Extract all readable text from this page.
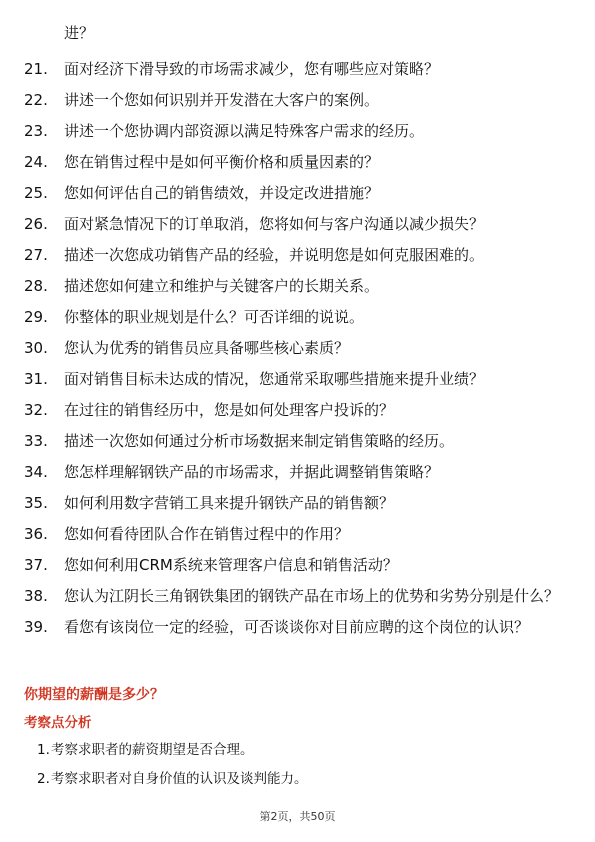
进？
21.	面对经济下滑导致的市场需求减少，您有哪些应对策略？
22.	讲述一个您如何识别并开发潜在大客户的案例。
23.	讲述一个您协调内部资源以满足特殊客户需求的经历。
24.	您在销售过程中是如何平衡价格和质量因素的？
25.	您如何评估自己的销售绩效，并设定改进措施？
26.	面对紧急情况下的订单取消，您将如何与客户沟通以减少损失？
27.	描述一次您成功销售产品的经验，并说明您是如何克服困难的。
28.	描述您如何建立和维护与关键客户的长期关系。
29.	你整体的职业规划是什么？可否详细的说说。
30.	您认为优秀的销售员应具备哪些核心素质？
31.	面对销售目标未达成的情况，您通常采取哪些措施来提升业绩？
32.	在过往的销售经历中，您是如何处理客户投诉的？
33.	描述一次您如何通过分析市场数据来制定销售策略的经历。
34.	您怎样理解钢铁产品的市场需求，并据此调整销售策略？
35.	如何利用数字营销工具来提升钢铁产品的销售额？
36.	您如何看待团队合作在销售过程中的作用？
37.	您如何利用CRM系统来管理客户信息和销售活动？
38.	您认为江阴长三角钢铁集团的钢铁产品在市场上的优势和劣势分别是什么？
39.	看您有该岗位一定的经验，可否谈谈你对目前应聘的这个岗位的认识？
你期望的薪酬是多少？
考察点分析
1. 考察求职者的薪资期望是否合理。
2. 考察求职者对自身价值的认识及谈判能力。
第2页，共50页
